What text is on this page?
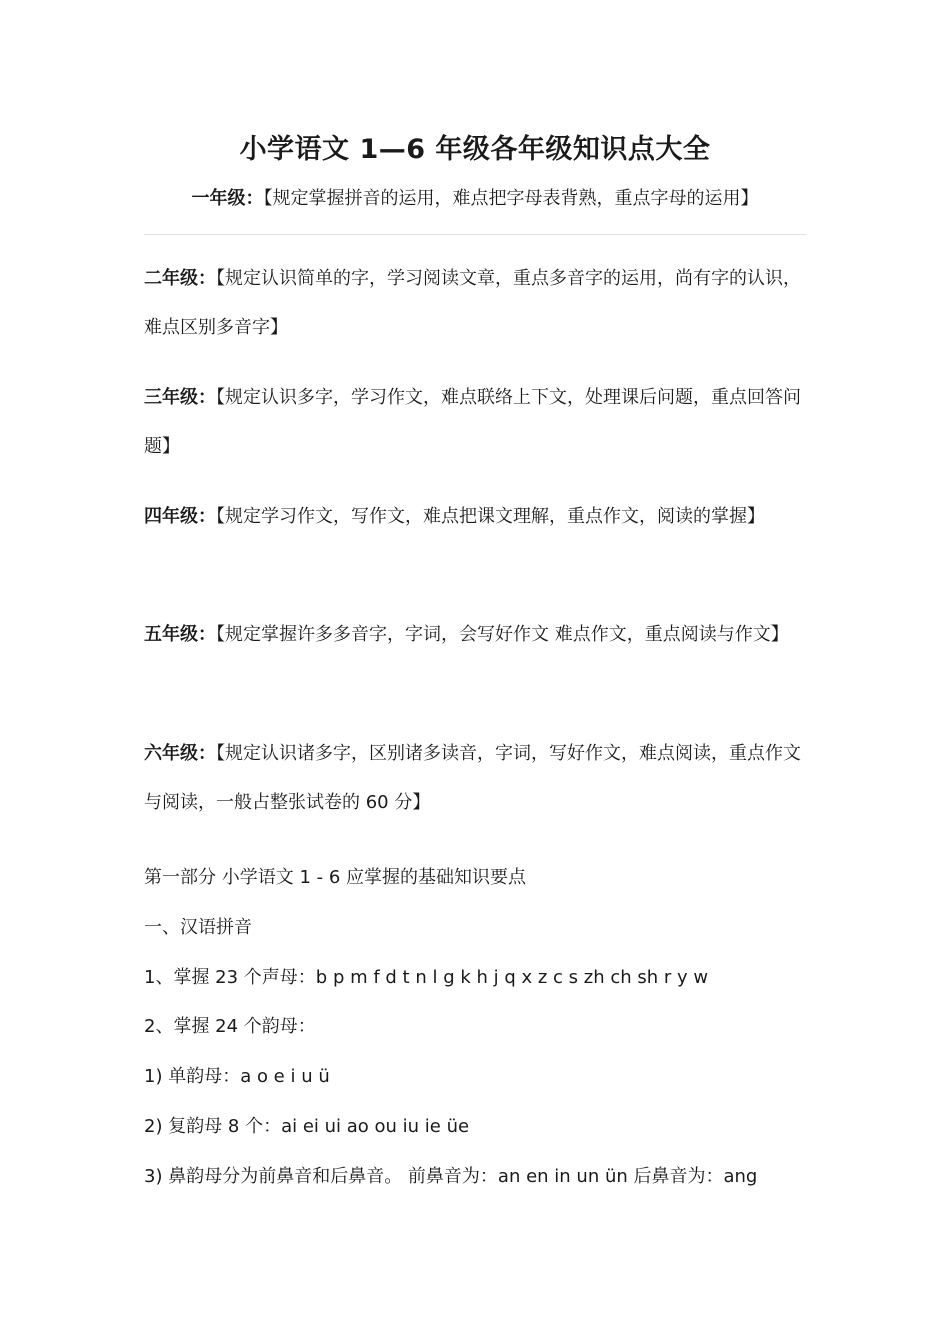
小学语文 1—6 年级各年级知识点大全
一年级：【规定掌握拼音的运用，难点把字母表背熟，重点字母的运用】

二年级：【规定认识简单的字，学习阅读文章，重点多音字的运用，尚有字的认识，难点区别多音字】

三年级：【规定认识多字，学习作文，难点联络上下文，处理课后问题，重点回答问题】

四年级：【规定学习作文，写作文，难点把课文理解，重点作文，阅读的掌握】

五年级：【规定掌握许多多音字，字词，会写好作文 难点作文，重点阅读与作文】

六年级：【规定认识诸多字，区别诸多读音，字词，写好作文，难点阅读，重点作文与阅读，一般占整张试卷的 60 分】

第一部分 小学语文 1 - 6 应掌握的基础知识要点

一、汉语拼音

1、掌握 23 个声母：b p m f d t n l g k h j q x z c s zh ch sh r y w

2、掌握 24 个韵母：

1) 单韵母：a o e i u ü

2) 复韵母 8 个：ai ei ui ao ou iu ie üe

3) 鼻韵母分为前鼻音和后鼻音。 前鼻音为：an en in un ün 后鼻音为：ang
